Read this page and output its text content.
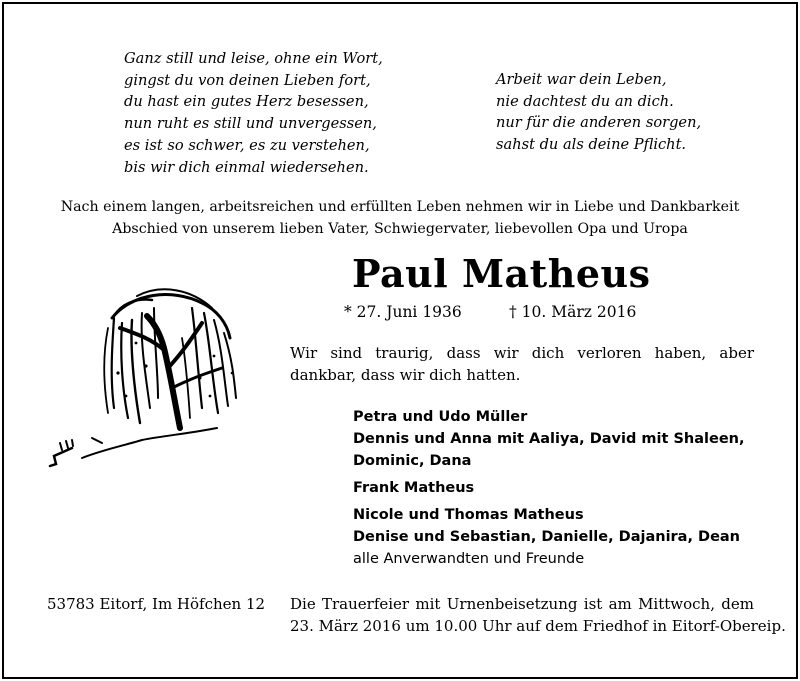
Ganz still und leise, ohne ein Wort,
gingst du von deinen Lieben fort,
du hast ein gutes Herz besessen,
nun ruht es still und unvergessen,
es ist so schwer, es zu verstehen,
bis wir dich einmal wiedersehen.
Arbeit war dein Leben,
nie dachtest du an dich.
nur für die anderen sorgen,
sahst du als deine Pflicht.
Nach einem langen, arbeitsreichen und erfüllten Leben nehmen wir in Liebe und Dankbarkeit
Abschied von unserem lieben Vater, Schwiegervater, liebevollen Opa und Uropa
Paul Matheus
* 27. Juni 1936	† 10. März 2016
Wir sind traurig, dass wir dich verloren haben, aber dankbar, dass wir dich hatten.
Petra und Udo Müller
Dennis und Anna mit Aaliya, David mit Shaleen,
Dominic, Dana
Frank Matheus
Nicole und Thomas Matheus
Denise und Sebastian, Danielle, Dajanira, Dean
alle Anverwandten und Freunde
53783 Eitorf, Im Höfchen 12 Die Trauerfeier mit Urnenbeisetzung ist am Mittwoch, dem
23. März 2016 um 10.00 Uhr auf dem Friedhof in Eitorf-Obereip.
